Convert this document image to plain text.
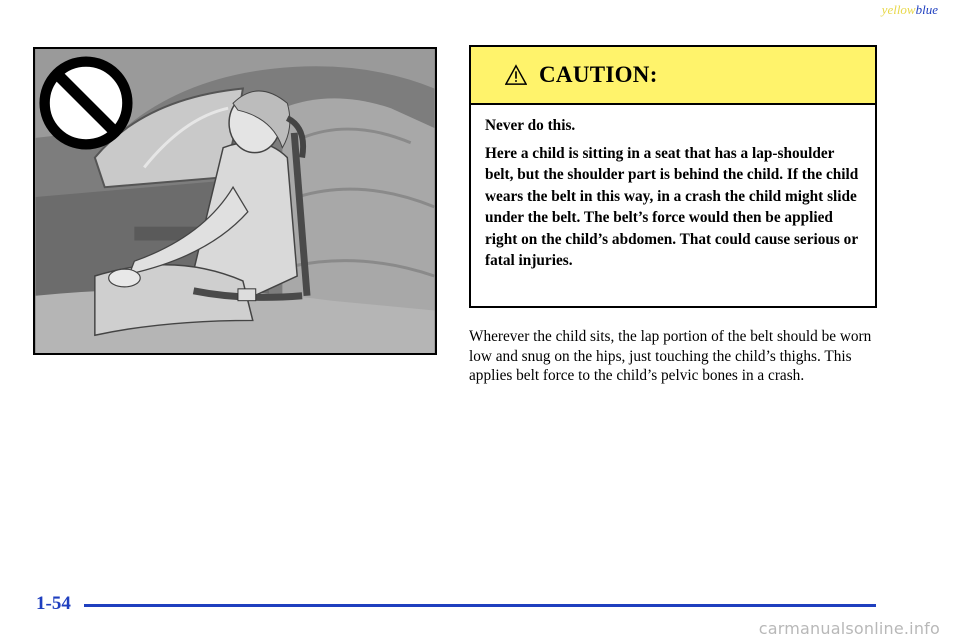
yellowblue
CAUTION:

Never do this.

Here a child is sitting in a seat that has a lap-shoulder belt, but the shoulder part is behind the child. If the child wears the belt in this way, in a crash the child might slide under the belt. The belt’s force would then be applied right on the child’s abdomen. That could cause serious or fatal injuries.

Wherever the child sits, the lap portion of the belt should be worn low and snug on the hips, just touching the child’s thighs. This applies belt force to the child’s pelvic bones in a crash.
1-54
carmanualsonline.info
